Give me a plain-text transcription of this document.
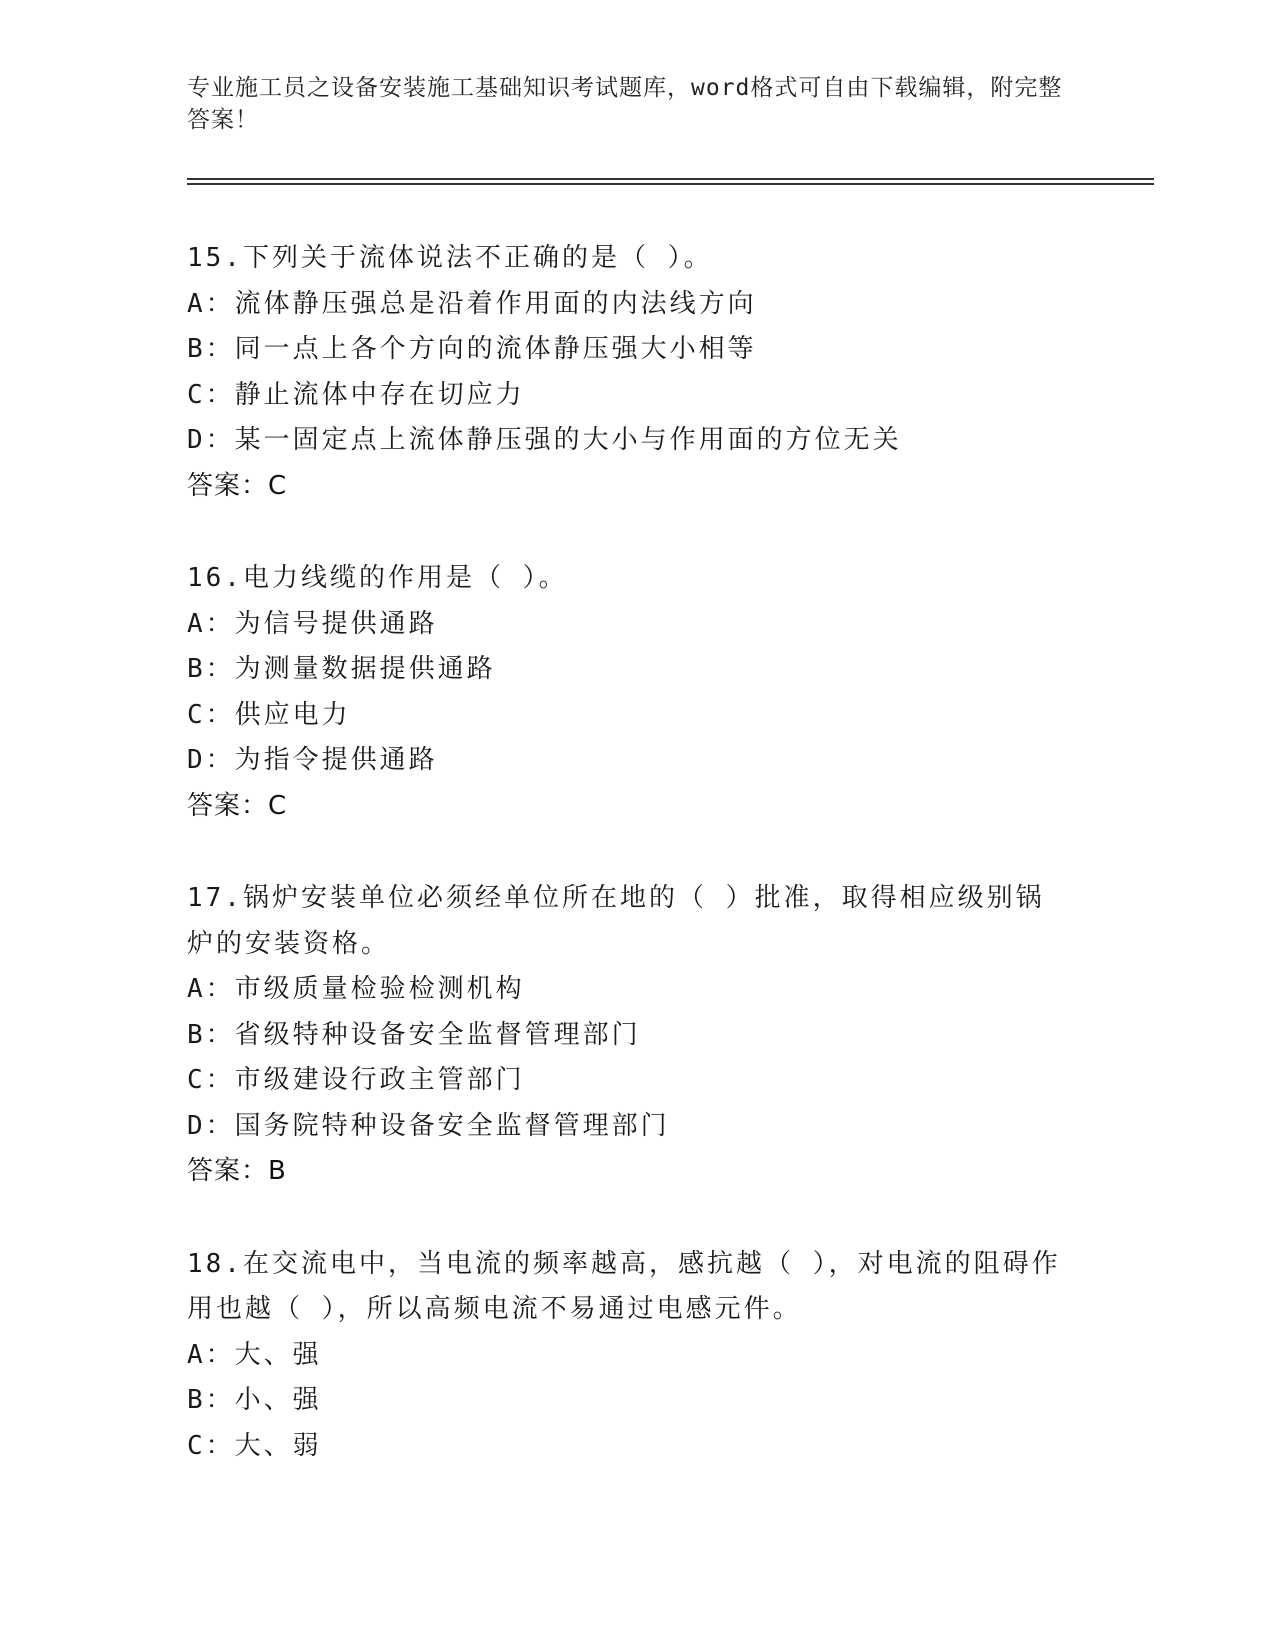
专业施工员之设备安装施工基础知识考试题库，word格式可自由下载编辑，附完整答案！
15.下列关于流体说法不正确的是（ ）。
A：流体静压强总是沿着作用面的内法线方向
B：同一点上各个方向的流体静压强大小相等
C：静止流体中存在切应力
D：某一固定点上流体静压强的大小与作用面的方位无关
答案：C
16.电力线缆的作用是（ ）。
A：为信号提供通路
B：为测量数据提供通路
C：供应电力
D：为指令提供通路
答案：C
17.锅炉安装单位必须经单位所在地的（ ）批准，取得相应级别锅炉的安装资格。
A：市级质量检验检测机构
B：省级特种设备安全监督管理部门
C：市级建设行政主管部门
D：国务院特种设备安全监督管理部门
答案：B
18.在交流电中，当电流的频率越高，感抗越（ ），对电流的阻碍作用也越（ ），所以高频电流不易通过电感元件。
A：大、强
B：小、强
C：大、弱
